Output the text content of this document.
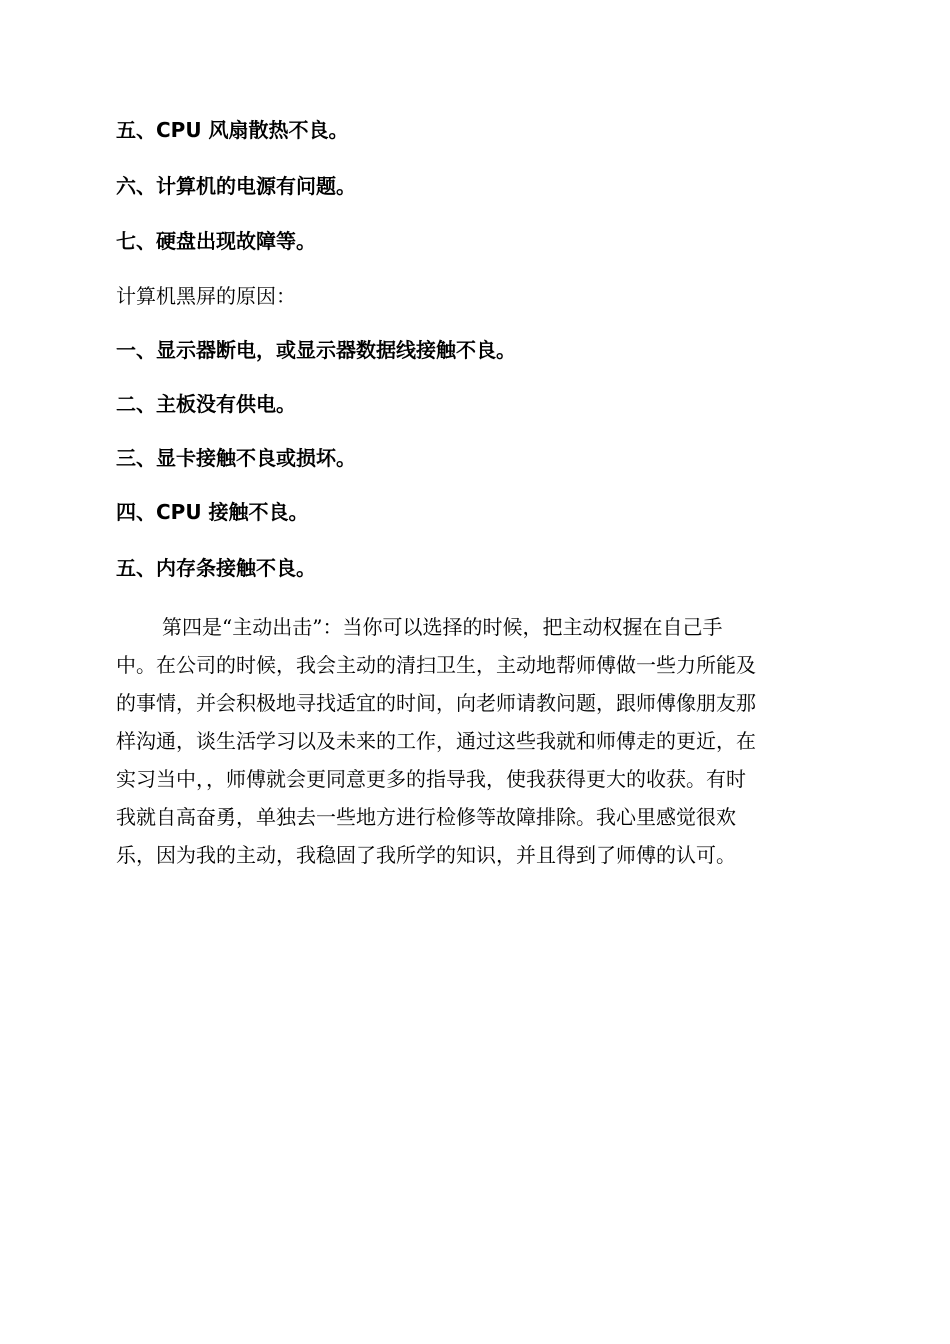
五、CPU 风扇散热不良。
六、计算机的电源有问题。
七、硬盘出现故障等。
计算机黑屏的原因：
一、显示器断电，或显示器数据线接触不良。
二、主板没有供电。
三、显卡接触不良或损坏。
四、CPU 接触不良。
五、内存条接触不良。
第四是“主动出击”：当你可以选择的时候，把主动权握在自己手
中。在公司的时候，我会主动的清扫卫生，主动地帮师傅做一些力所能及
的事情，并会积极地寻找适宜的时间，向老师请教问题，跟师傅像朋友那
样沟通，谈生活学习以及未来的工作，通过这些我就和师傅走的更近，在
实习当中，，师傅就会更同意更多的指导我，使我获得更大的收获。有时
我就自高奋勇，单独去一些地方进行检修等故障排除。我心里感觉很欢
乐，因为我的主动，我稳固了我所学的知识，并且得到了师傅的认可。
